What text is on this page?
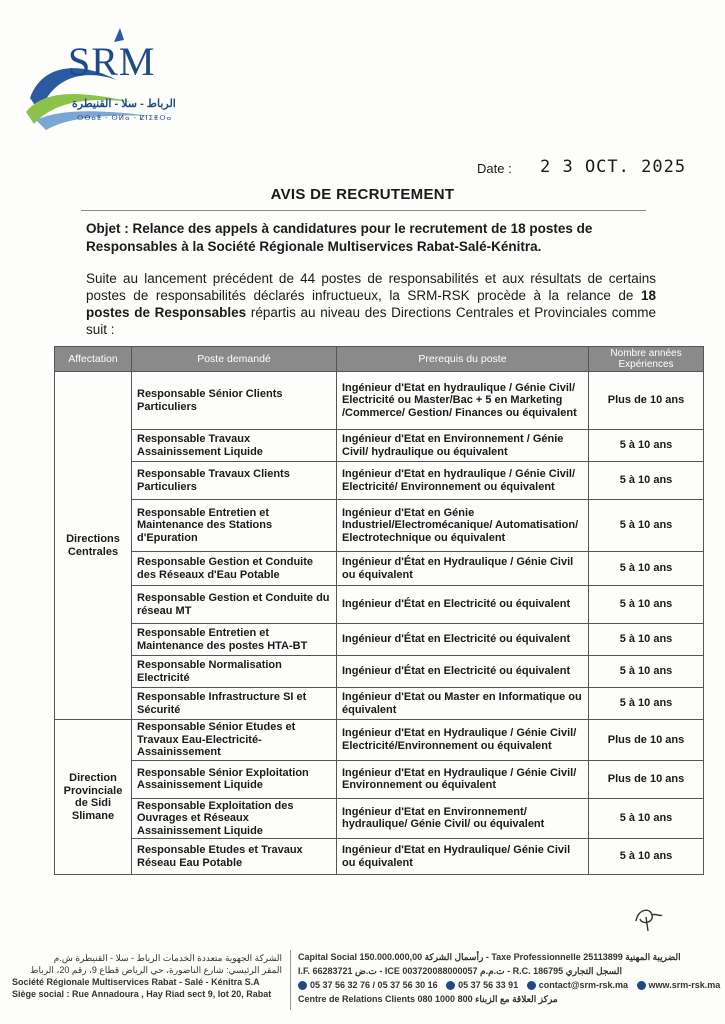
SRM
الرباط - سلا - القنيطرة
ⵔⴱⴰⵟ - ⵙⵍⴰ - ⵇⵏⵉⵟⵔⴰ
Date : 2 3 OCT. 2025
AVIS DE RECRUTEMENT
Objet : Relance des appels à candidatures pour le recrutement de 18 postes de Responsables à la Société Régionale Multiservices Rabat-Salé-Kénitra.
Suite au lancement précédent de 44 postes de responsabilités et aux résultats de certains postes de responsabilités déclarés infructueux, la SRM-RSK procède à la relance de 18 postes de Responsables répartis au niveau des Directions Centrales et Provinciales comme suit :
Affectation	Poste demandé	Prerequis du poste	Nombre années Expériences
Directions Centrales	Responsable Sénior Clients Particuliers	Ingénieur d'Etat en hydraulique / Génie Civil/ Electricité ou Master/Bac + 5 en Marketing /Commerce/ Gestion/ Finances ou équivalent	Plus de 10 ans
	Responsable Travaux Assainissement Liquide	Ingénieur d'Etat en Environnement / Génie Civil/ hydraulique ou équivalent	5 à 10 ans
	Responsable Travaux Clients Particuliers	Ingénieur d'Etat en hydraulique / Génie Civil/ Electricité/ Environnement ou équivalent	5 à 10 ans
	Responsable Entretien et Maintenance des Stations d'Epuration	Ingénieur d'Etat en Génie Industriel/Electromécanique/ Automatisation/ Electrotechnique ou équivalent	5 à 10 ans
	Responsable Gestion et Conduite des Réseaux d'Eau Potable	Ingénieur d'État en Hydraulique / Génie Civil ou équivalent	5 à 10 ans
	Responsable Gestion et Conduite du réseau MT	Ingénieur d'État en Electricité ou équivalent	5 à 10 ans
	Responsable Entretien et Maintenance des postes HTA-BT	Ingénieur d'État en Electricité ou équivalent	5 à 10 ans
	Responsable Normalisation Electricité	Ingénieur d'État en Electricité ou équivalent	5 à 10 ans
	Responsable Infrastructure SI et Sécurité	Ingénieur d'Etat ou Master en Informatique ou équivalent	5 à 10 ans
Direction Provinciale de Sidi Slimane	Responsable Sénior Etudes et Travaux Eau-Electricité-Assainissement	Ingénieur d'Etat en Hydraulique / Génie Civil/ Electricité/Environnement ou équivalent	Plus de 10 ans
	Responsable Sénior Exploitation Assainissement Liquide	Ingénieur d'Etat en Hydraulique / Génie Civil/ Environnement ou équivalent	Plus de 10 ans
	Responsable Exploitation des Ouvrages et Réseaux Assainissement Liquide	Ingénieur d'Etat en Environnement/ hydraulique/ Génie Civil/ ou équivalent	5 à 10 ans
	Responsable Etudes et Travaux Réseau Eau Potable	Ingénieur d'Etat en Hydraulique/ Génie Civil ou équivalent	5 à 10 ans
الشركة الجهوية متعددة الخدمات الرباط - سلا - القنيطرة ش.م
المقر الرئيسي: شارع الناضورة، حي الرياض قطاع 9، رقم 20، الرباط
Société Régionale Multiservices Rabat - Salé - Kénitra S.A
Siège social : Rue Annadoura , Hay Riad sect 9, lot 20, Rabat
Capital Social 150.000.000,00 رأسمال الشركة - Taxe Professionnelle 25113899 الضريبة المهنية
I.F. 66283721 ت.ض - ICE 003720088000057 ت.م.م - R.C. 186795 السجل التجاري
05 37 56 32 76 / 05 37 56 30 16 05 37 56 33 91 contact@srm-rsk.ma www.srm-rsk.ma
Centre de Relations Clients 080 1000 800 مركز العلاقة مع الزبناء
